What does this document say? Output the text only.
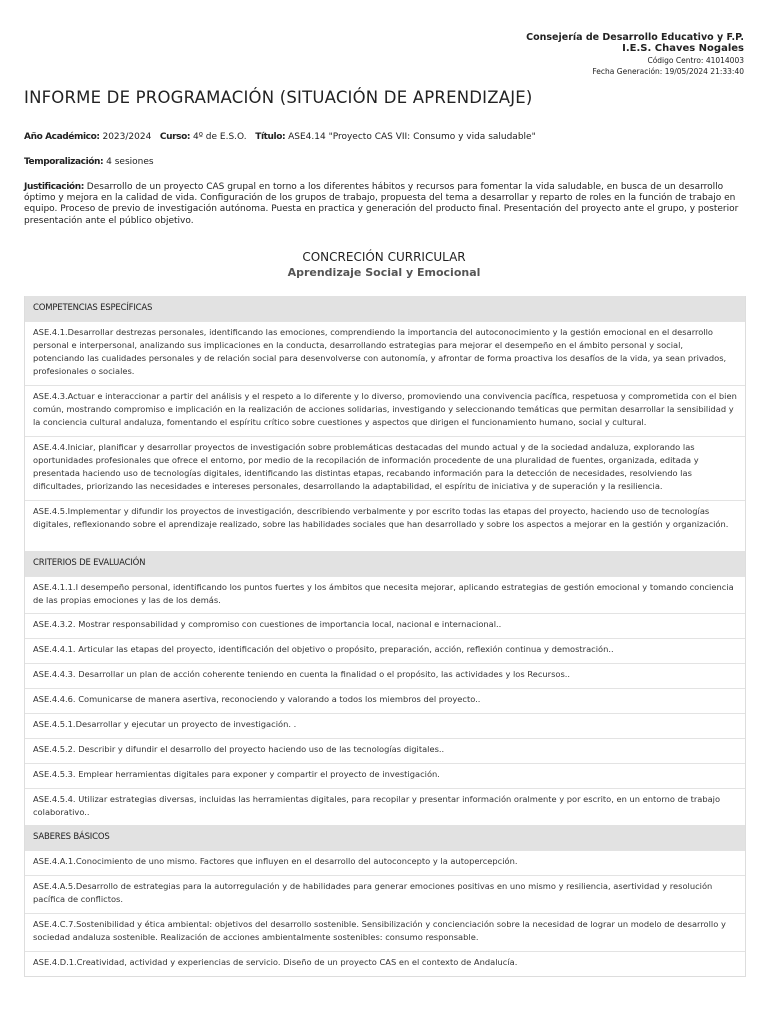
Consejería de Desarrollo Educativo y F.P.
I.E.S. Chaves Nogales
Código Centro: 41014003
Fecha Generación: 19/05/2024 21:33:40
INFORME DE PROGRAMACIÓN (SITUACIÓN DE APRENDIZAJE)
Año Académico: 2023/2024 Curso: 4º de E.S.O. Título: ASE4.14 "Proyecto CAS VII: Consumo y vida saludable"
Temporalización: 4 sesiones
Justificación: Desarrollo de un proyecto CAS grupal en torno a los diferentes hábitos y recursos para fomentar la vida saludable, en busca de un desarrollo óptimo y mejora en la calidad de vida. Configuración de los grupos de trabajo, propuesta del tema a desarrollar y reparto de roles en la función de trabajo en equipo. Proceso de previo de investigación autónoma. Puesta en practica y generación del producto final. Presentación del proyecto ante el grupo, y posterior presentación ante el público objetivo.
CONCRECIÓN CURRICULAR
Aprendizaje Social y Emocional
COMPETENCIAS ESPECÍFICAS
ASE.4.1.Desarrollar destrezas personales, identificando las emociones, comprendiendo la importancia del autoconocimiento y la gestión emocional en el desarrollo personal e interpersonal, analizando sus implicaciones en la conducta, desarrollando estrategias para mejorar el desempeño en el ámbito personal y social, potenciando las cualidades personales y de relación social para desenvolverse con autonomía, y afrontar de forma proactiva los desafíos de la vida, ya sean privados, profesionales o sociales.
ASE.4.3.Actuar e interaccionar a partir del análisis y el respeto a lo diferente y lo diverso, promoviendo una convivencia pacífica, respetuosa y comprometida con el bien común, mostrando compromiso e implicación en la realización de acciones solidarias, investigando y seleccionando temáticas que permitan desarrollar la sensibilidad y la conciencia cultural andaluza, fomentando el espíritu crítico sobre cuestiones y aspectos que dirigen el funcionamiento humano, social y cultural.
ASE.4.4.Iniciar, planificar y desarrollar proyectos de investigación sobre problemáticas destacadas del mundo actual y de la sociedad andaluza, explorando las oportunidades profesionales que ofrece el entorno, por medio de la recopilación de información procedente de una pluralidad de fuentes, organizada, editada y presentada haciendo uso de tecnologías digitales, identificando las distintas etapas, recabando información para la detección de necesidades, resolviendo las dificultades, priorizando las necesidades e intereses personales, desarrollando la adaptabilidad, el espíritu de iniciativa y de superación y la resiliencia.
ASE.4.5.Implementar y difundir los proyectos de investigación, describiendo verbalmente y por escrito todas las etapas del proyecto, haciendo uso de tecnologías digitales, reflexionando sobre el aprendizaje realizado, sobre las habilidades sociales que han desarrollado y sobre los aspectos a mejorar en la gestión y organización.
CRITERIOS DE EVALUACIÓN
ASE.4.1.1.I desempeño personal, identificando los puntos fuertes y los ámbitos que necesita mejorar, aplicando estrategias de gestión emocional y tomando conciencia de las propias emociones y las de los demás.
ASE.4.3.2. Mostrar responsabilidad y compromiso con cuestiones de importancia local, nacional e internacional..
ASE.4.4.1. Articular las etapas del proyecto, identificación del objetivo o propósito, preparación, acción, reflexión continua y demostración..
ASE.4.4.3. Desarrollar un plan de acción coherente teniendo en cuenta la finalidad o el propósito, las actividades y los Recursos..
ASE.4.4.6. Comunicarse de manera asertiva, reconociendo y valorando a todos los miembros del proyecto..
ASE.4.5.1.Desarrollar y ejecutar un proyecto de investigación. .
ASE.4.5.2. Describir y difundir el desarrollo del proyecto haciendo uso de las tecnologías digitales..
ASE.4.5.3. Emplear herramientas digitales para exponer y compartir el proyecto de investigación.
ASE.4.5.4. Utilizar estrategias diversas, incluidas las herramientas digitales, para recopilar y presentar información oralmente y por escrito, en un entorno de trabajo colaborativo..
SABERES BÁSICOS
ASE.4.A.1.Conocimiento de uno mismo. Factores que influyen en el desarrollo del autoconcepto y la autopercepción.
ASE.4.A.5.Desarrollo de estrategias para la autorregulación y de habilidades para generar emociones positivas en uno mismo y resiliencia, asertividad y resolución pacífica de conflictos.
ASE.4.C.7.Sostenibilidad y ética ambiental: objetivos del desarrollo sostenible. Sensibilización y concienciación sobre la necesidad de lograr un modelo de desarrollo y sociedad andaluza sostenible. Realización de acciones ambientalmente sostenibles: consumo responsable.
ASE.4.D.1.Creatividad, actividad y experiencias de servicio. Diseño de un proyecto CAS en el contexto de Andalucía.
